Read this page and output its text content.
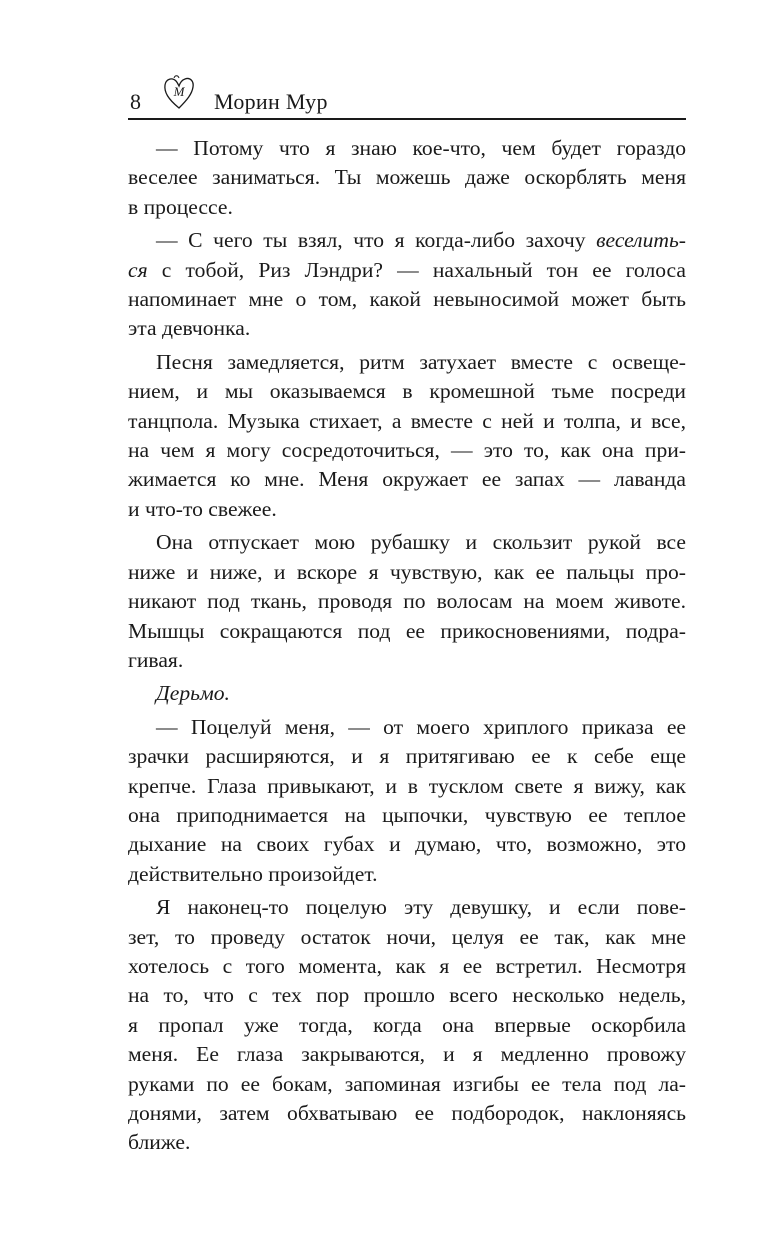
8	М Морин Мур

— Потому что я знаю кое-что, чем будет гораздо
веселее заниматься. Ты можешь даже оскорблять меня
в процессе.

— С чего ты взял, что я когда-либо захочу веселить-
ся с тобой, Риз Лэндри? — нахальный тон ее голоса
напоминает мне о том, какой невыносимой может быть
эта девчонка.

Песня замедляется, ритм затухает вместе с освеще-
нием, и мы оказываемся в кромешной тьме посреди
танцпола. Музыка стихает, а вместе с ней и толпа, и все,
на чем я могу сосредоточиться, — это то, как она при-
жимается ко мне. Меня окружает ее запах — лаванда
и что-то свежее.

Она отпускает мою рубашку и скользит рукой все
ниже и ниже, и вскоре я чувствую, как ее пальцы про-
никают под ткань, проводя по волосам на моем животе.
Мышцы сокращаются под ее прикосновениями, подра-
гивая.

Дерьмо.

— Поцелуй меня, — от моего хриплого приказа ее
зрачки расширяются, и я притягиваю ее к себе еще
крепче. Глаза привыкают, и в тусклом свете я вижу, как
она приподнимается на цыпочки, чувствую ее теплое
дыхание на своих губах и думаю, что, возможно, это
действительно произойдет.

Я наконец-то поцелую эту девушку, и если пове-
зет, то проведу остаток ночи, целуя ее так, как мне
хотелось с того момента, как я ее встретил. Несмотря
на то, что с тех пор прошло всего несколько недель,
я пропал уже тогда, когда она впервые оскорбила
меня. Ее глаза закрываются, и я медленно провожу
руками по ее бокам, запоминая изгибы ее тела под ла-
донями, затем обхватываю ее подбородок, наклоняясь
ближе.
